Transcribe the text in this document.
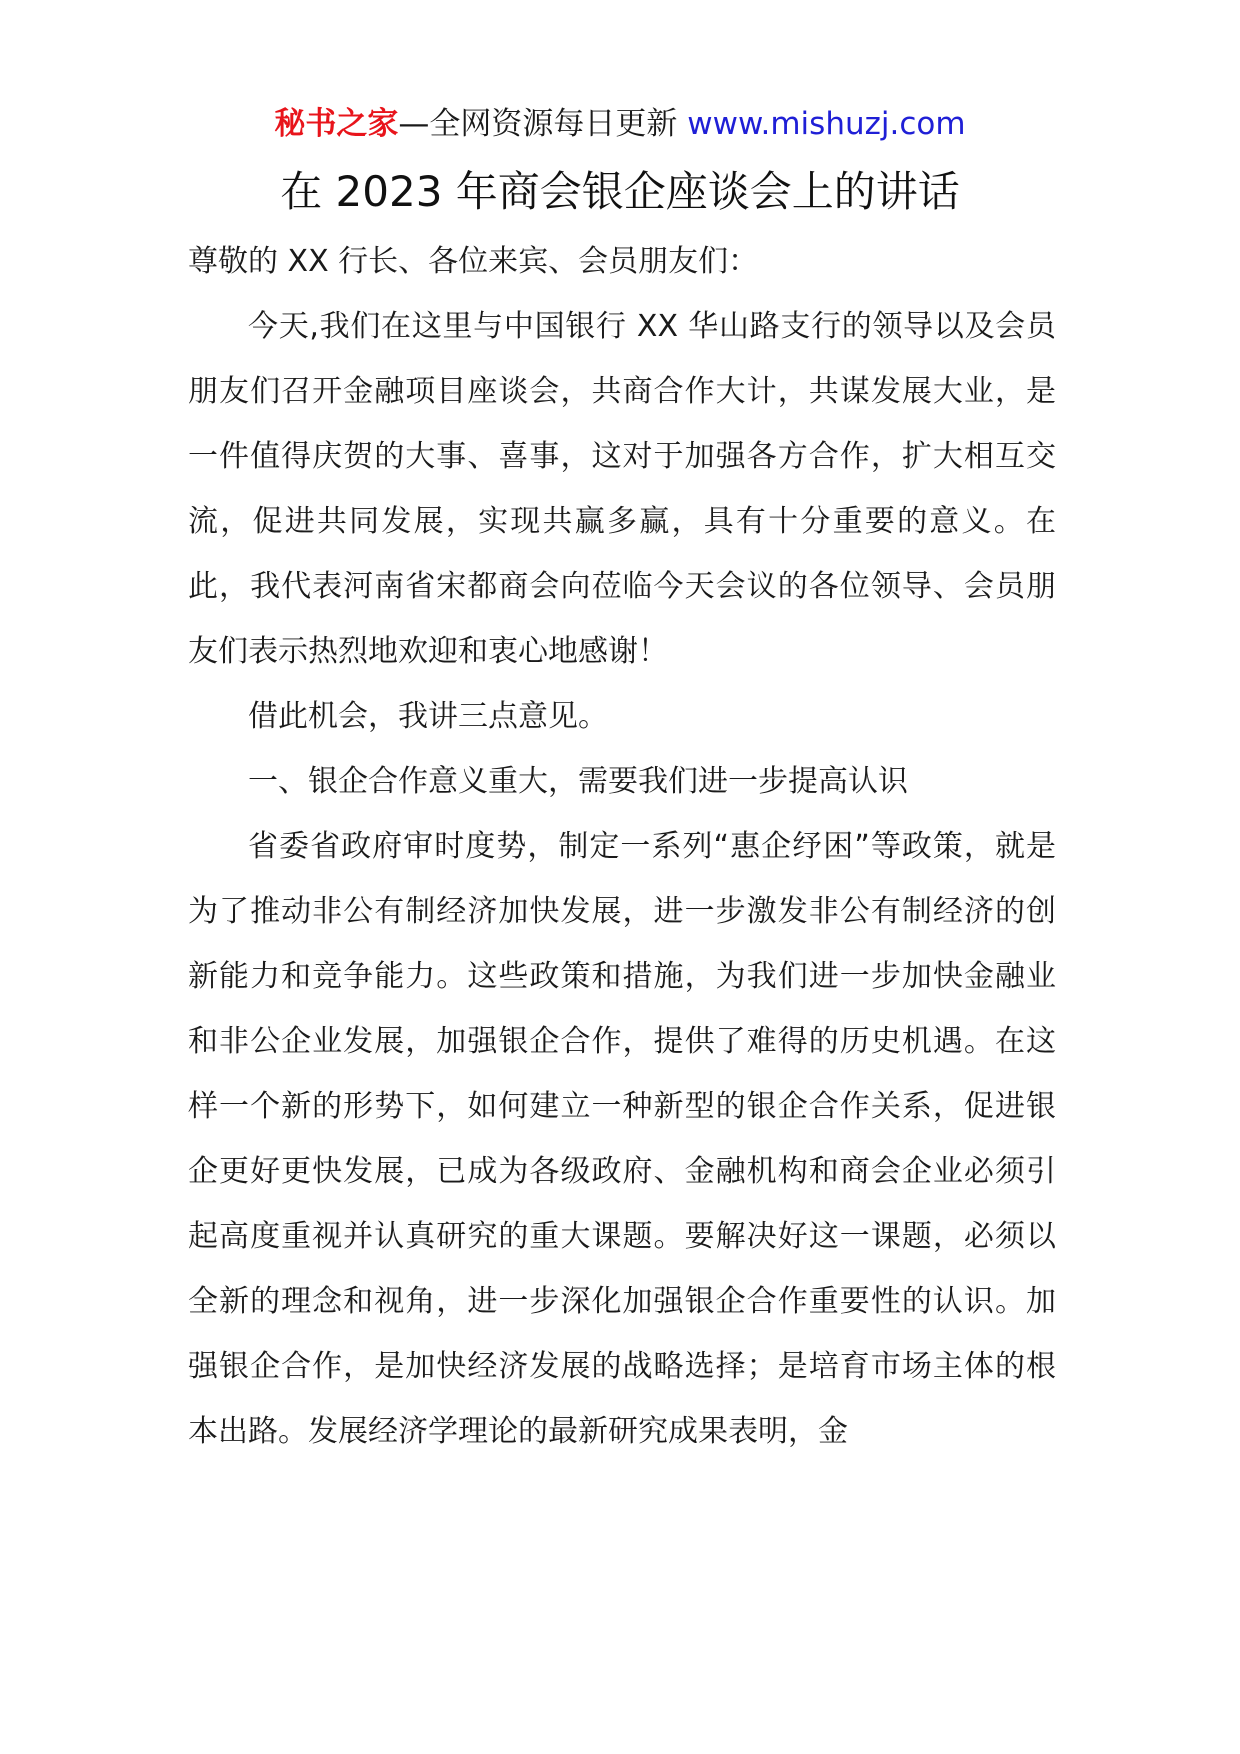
秘书之家—全网资源每日更新 www.mishuzj.com
在 2023 年商会银企座谈会上的讲话

尊敬的 XX 行长、各位来宾、会员朋友们：

今天,我们在这里与中国银行 XX 华山路支行的领导以及会员朋友们召开金融项目座谈会，共商合作大计，共谋发展大业，是一件值得庆贺的大事、喜事，这对于加强各方合作，扩大相互交流，促进共同发展，实现共赢多赢，具有十分重要的意义。在此，我代表河南省宋都商会向莅临今天会议的各位领导、会员朋友们表示热烈地欢迎和衷心地感谢！

借此机会，我讲三点意见。

一、银企合作意义重大，需要我们进一步提高认识

省委省政府审时度势，制定一系列“惠企纾困”等政策，就是为了推动非公有制经济加快发展，进一步激发非公有制经济的创新能力和竞争能力。这些政策和措施，为我们进一步加快金融业和非公企业发展，加强银企合作，提供了难得的历史机遇。在这样一个新的形势下，如何建立一种新型的银企合作关系，促进银企更好更快发展，已成为各级政府、金融机构和商会企业必须引起高度重视并认真研究的重大课题。要解决好这一课题，必须以全新的理念和视角，进一步深化加强银企合作重要性的认识。加强银企合作，是加快经济发展的战略选择；是培育市场主体的根本出路。发展经济学理论的最新研究成果表明，金
